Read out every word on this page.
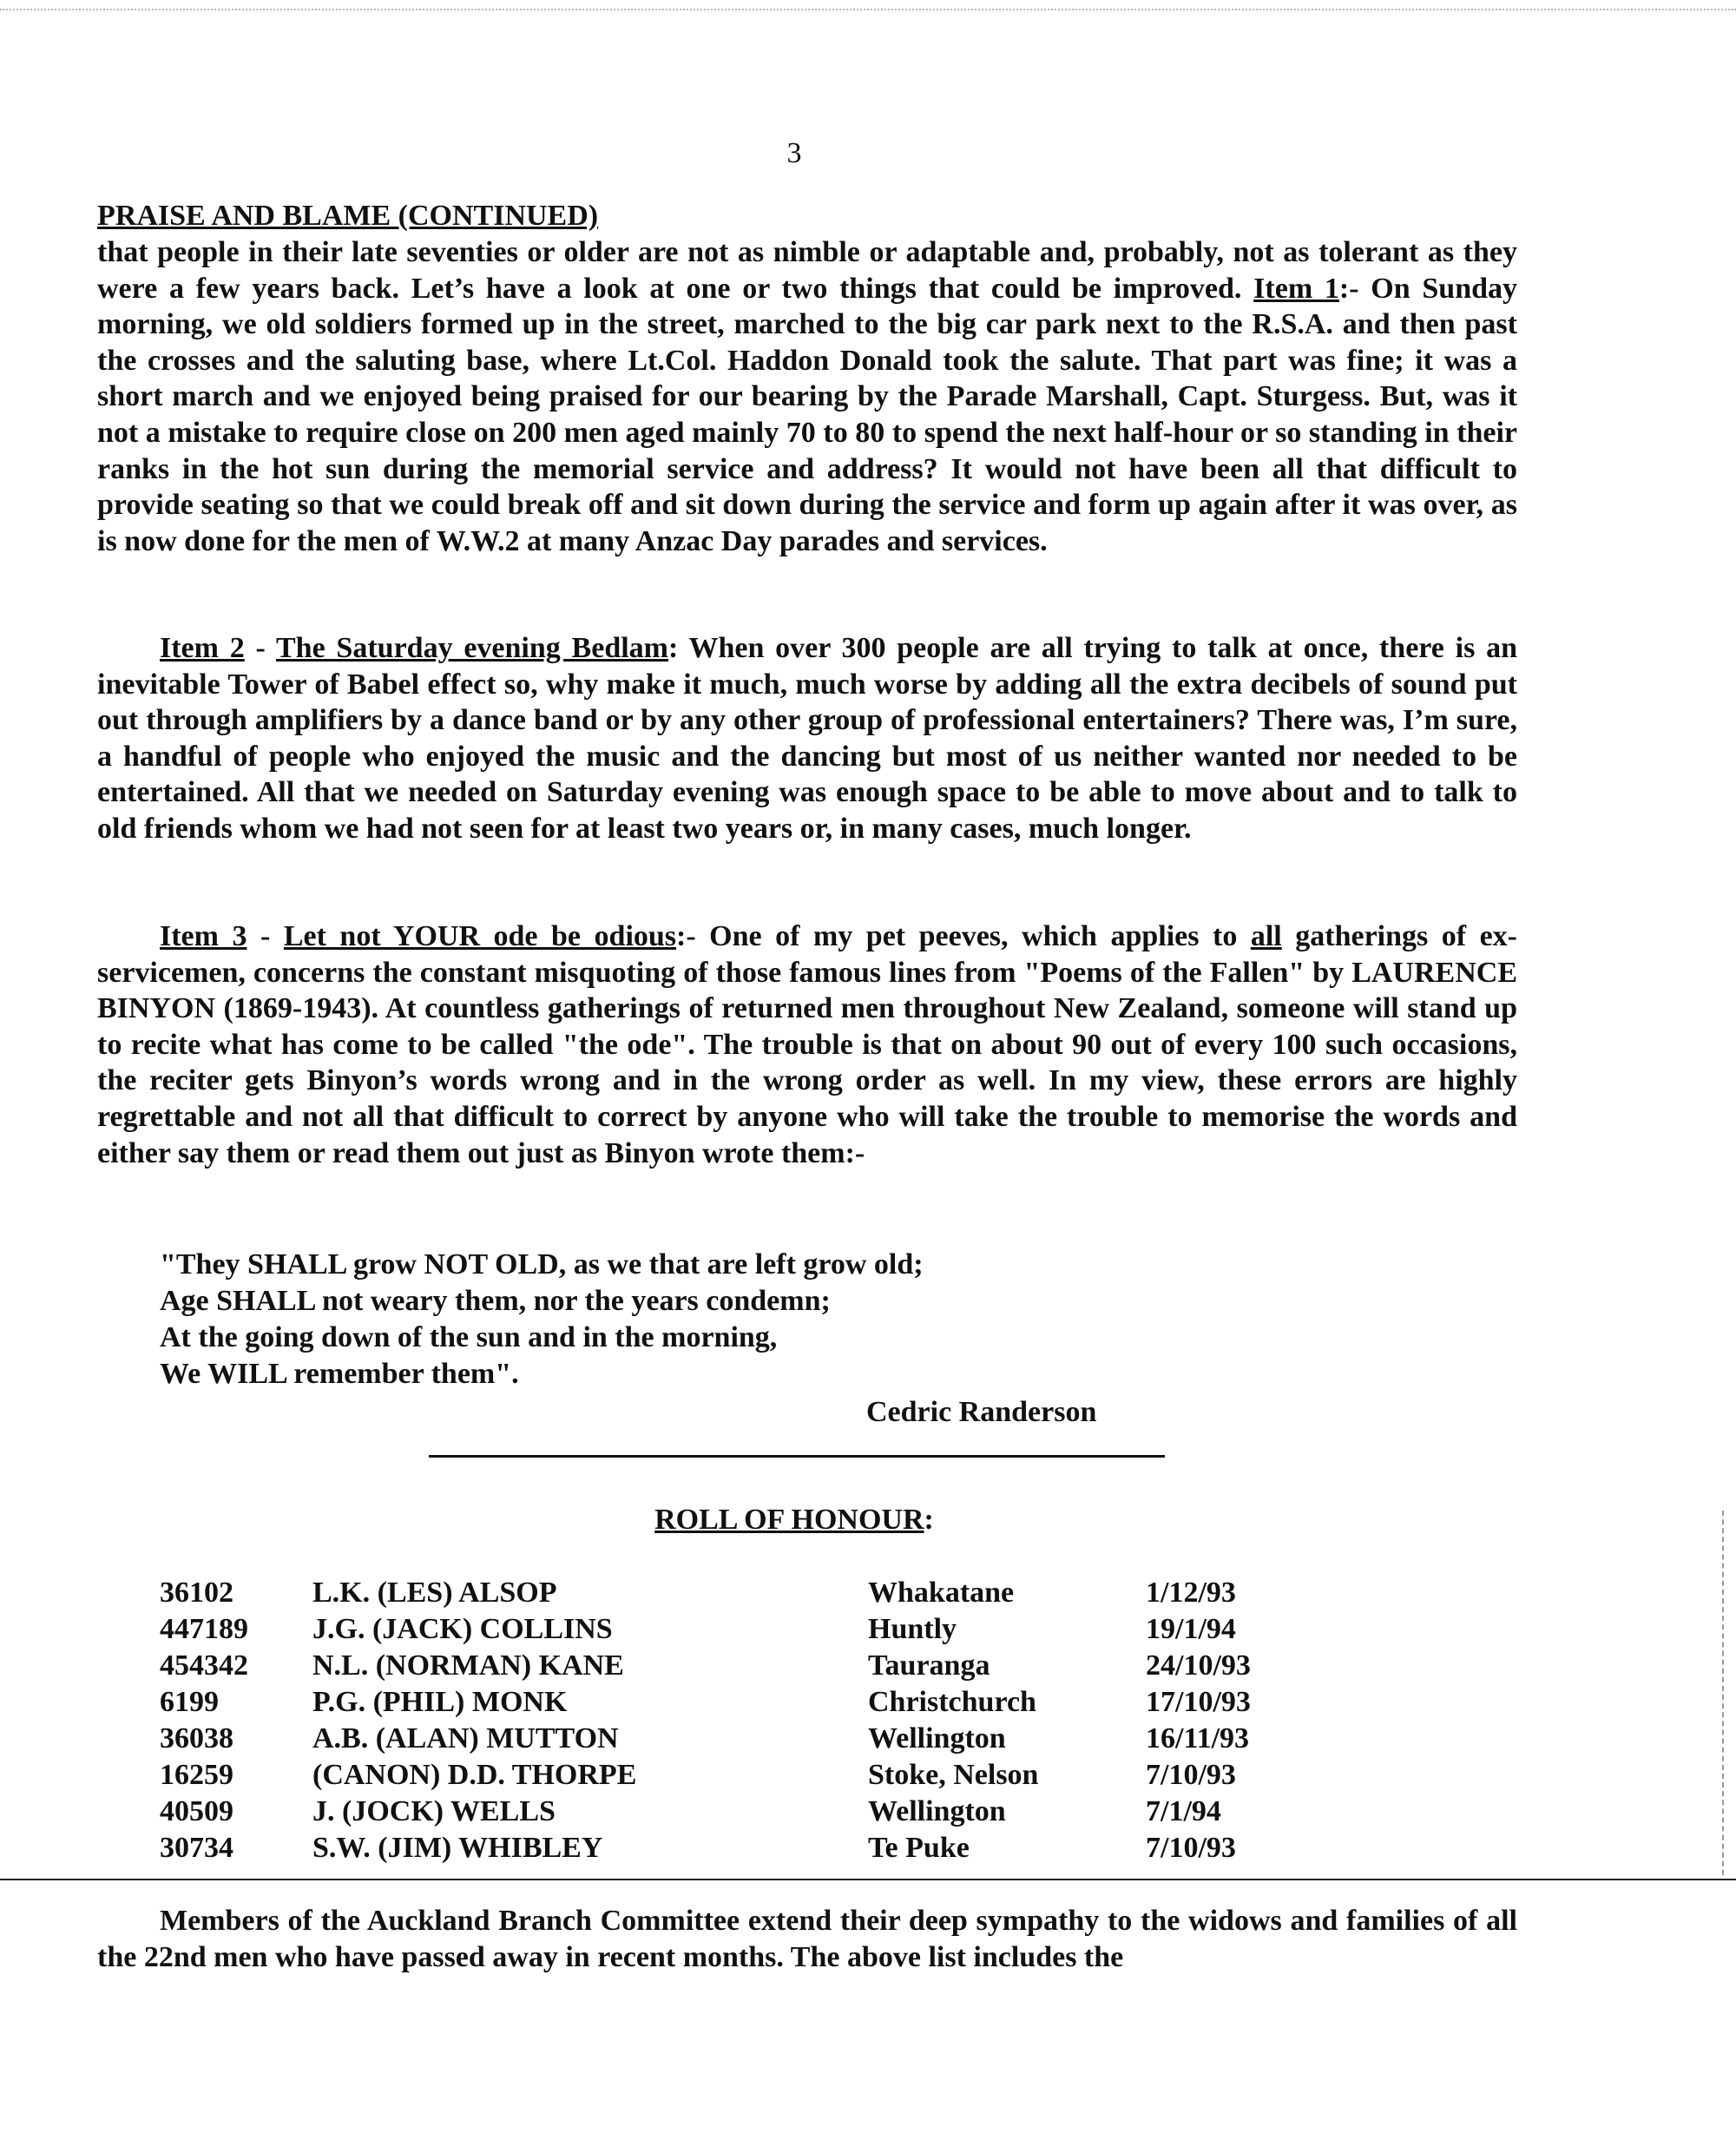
3

PRAISE AND BLAME (CONTINUED)

that people in their late seventies or older are not as nimble or adaptable and, probably, not as tolerant as they were a few years back. Let’s have a look at one or two things that could be improved. Item 1:- On Sunday morning, we old soldiers formed up in the street, marched to the big car park next to the R.S.A. and then past the crosses and the saluting base, where Lt.Col. Haddon Donald took the salute. That part was fine; it was a short march and we enjoyed being praised for our bearing by the Parade Marshall, Capt. Sturgess. But, was it not a mistake to require close on 200 men aged mainly 70 to 80 to spend the next half-hour or so standing in their ranks in the hot sun during the memorial service and address? It would not have been all that difficult to provide seating so that we could break off and sit down during the service and form up again after it was over, as is now done for the men of W.W.2 at many Anzac Day parades and services.

Item 2 - The Saturday evening Bedlam: When over 300 people are all trying to talk at once, there is an inevitable Tower of Babel effect so, why make it much, much worse by adding all the extra decibels of sound put out through amplifiers by a dance band or by any other group of professional entertainers? There was, I’m sure, a handful of people who enjoyed the music and the dancing but most of us neither wanted nor needed to be entertained. All that we needed on Saturday evening was enough space to be able to move about and to talk to old friends whom we had not seen for at least two years or, in many cases, much longer.

Item 3 - Let not YOUR ode be odious:- One of my pet peeves, which applies to all gatherings of ex-servicemen, concerns the constant misquoting of those famous lines from "Poems of the Fallen" by LAURENCE BINYON (1869-1943). At countless gatherings of returned men throughout New Zealand, someone will stand up to recite what has come to be called "the ode". The trouble is that on about 90 out of every 100 such occasions, the reciter gets Binyon’s words wrong and in the wrong order as well. In my view, these errors are highly regrettable and not all that difficult to correct by anyone who will take the trouble to memorise the words and either say them or read them out just as Binyon wrote them:-

"They SHALL grow NOT OLD, as we that are left grow old;
Age SHALL not weary them, nor the years condemn;
At the going down of the sun and in the morning,
We WILL remember them".
Cedric Randerson
ROLL OF HONOUR:
36102	L.K. (LES) ALSOP	Whakatane	1/12/93
447189 J.G. (JACK) COLLINS	Huntly	19/1/94
454342 N.L. (NORMAN) KANE	Tauranga	24/10/93
6199	P.G. (PHIL) MONK	Christchurch	17/10/93
36038	A.B. (ALAN) MUTTON	Wellington	16/11/93
16259	(CANON) D.D. THORPE	Stoke, Nelson	7/10/93
40509	J. (JOCK) WELLS	Wellington	7/1/94
30734	S.W. (JIM) WHIBLEY	Te Puke	7/10/93

Members of the Auckland Branch Committee extend their deep sympathy to the widows and families of all the 22nd men who have passed away in recent months. The above list includes the
